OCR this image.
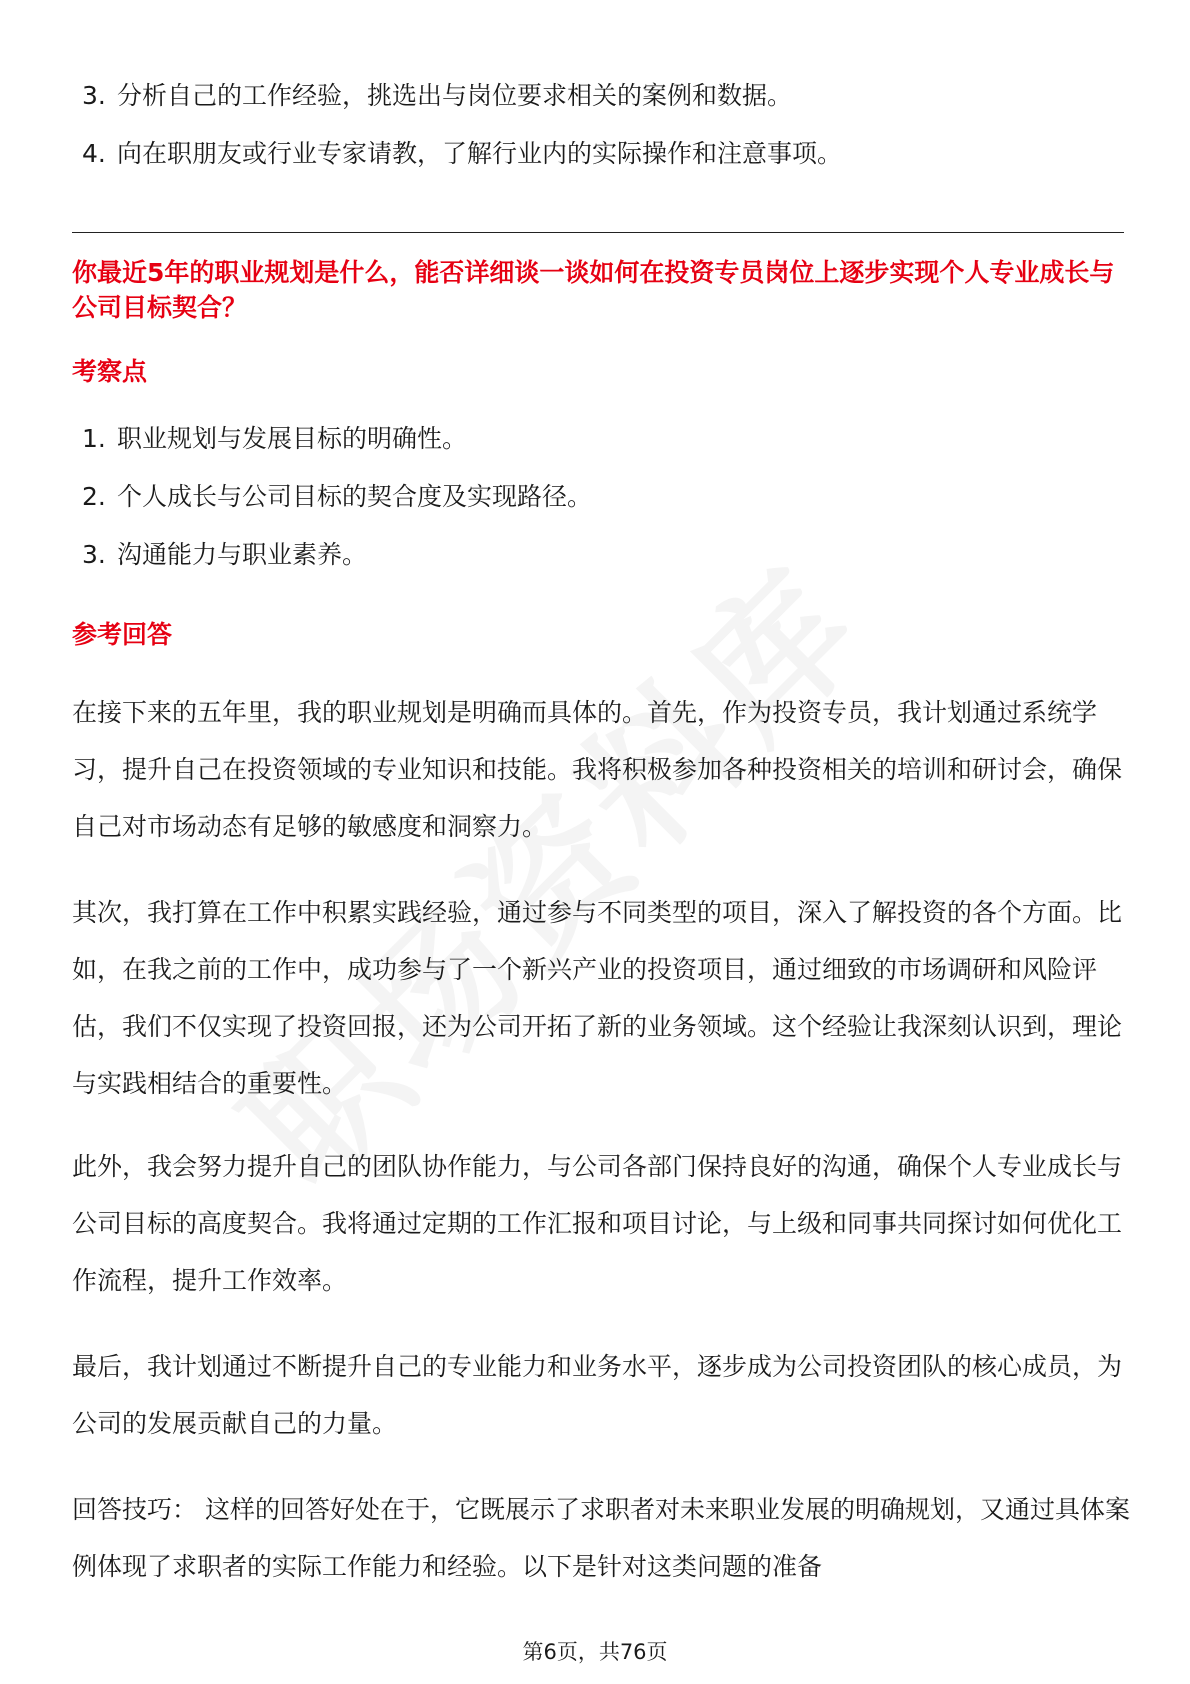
3. 分析自己的工作经验，挑选出与岗位要求相关的案例和数据。
4. 向在职朋友或行业专家请教，了解行业内的实际操作和注意事项。
你最近5年的职业规划是什么，能否详细谈一谈如何在投资专员岗位上逐步实现个人专业成长与公司目标契合？
考察点
1. 职业规划与发展目标的明确性。
2. 个人成长与公司目标的契合度及实现路径。
3. 沟通能力与职业素养。
参考回答

在接下来的五年里，我的职业规划是明确而具体的。首先，作为投资专员，我计划通过系统学习，提升自己在投资领域的专业知识和技能。我将积极参加各种投资相关的培训和研讨会，确保自己对市场动态有足够的敏感度和洞察力。

其次，我打算在工作中积累实践经验，通过参与不同类型的项目，深入了解投资的各个方面。比如，在我之前的工作中，成功参与了一个新兴产业的投资项目，通过细致的市场调研和风险评估，我们不仅实现了投资回报，还为公司开拓了新的业务领域。这个经验让我深刻认识到，理论与实践相结合的重要性。

此外，我会努力提升自己的团队协作能力，与公司各部门保持良好的沟通，确保个人专业成长与公司目标的高度契合。我将通过定期的工作汇报和项目讨论，与上级和同事共同探讨如何优化工作流程，提升工作效率。

最后，我计划通过不断提升自己的专业能力和业务水平，逐步成为公司投资团队的核心成员，为公司的发展贡献自己的力量。

回答技巧： 这样的回答好处在于，它既展示了求职者对未来职业发展的明确规划，又通过具体案例体现了求职者的实际工作能力和经验。以下是针对这类问题的准备

第6页，共76页
